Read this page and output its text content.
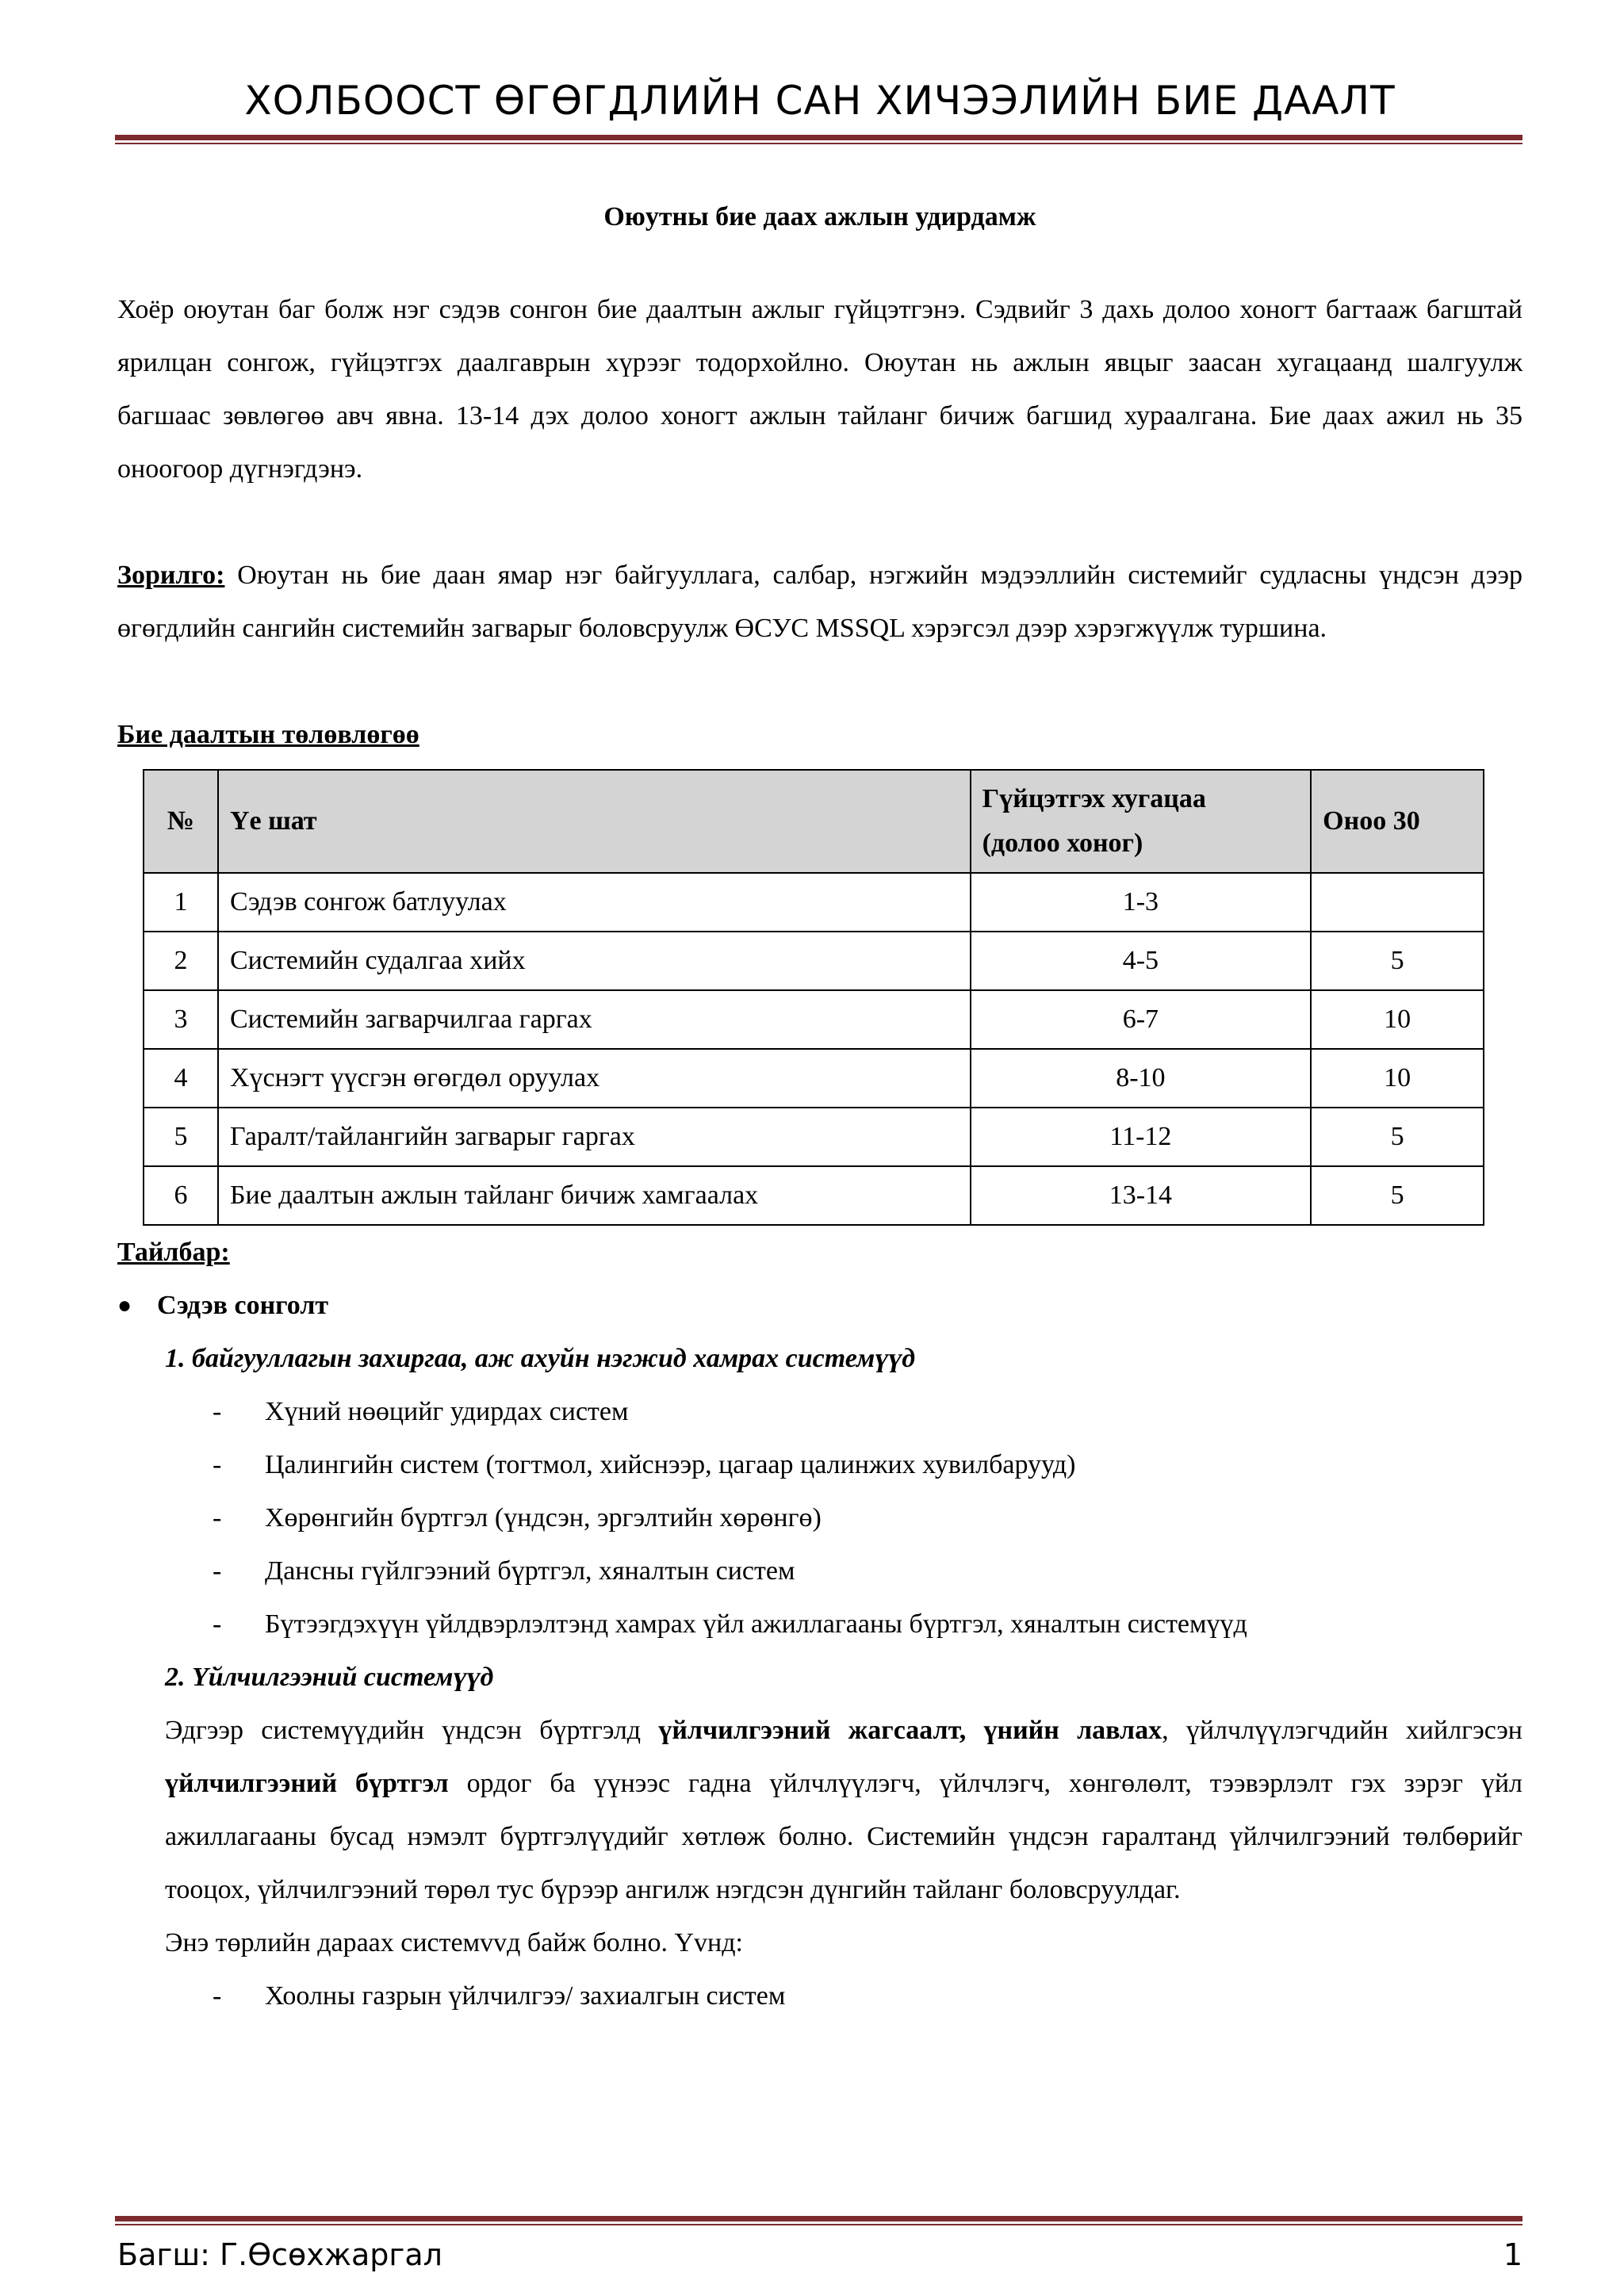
ХОЛБООСТ ӨГӨГДЛИЙН САН ХИЧЭЭЛИЙН БИЕ ДААЛТ

Оюутны бие даах ажлын удирдамж

Хоёр оюутан баг болж нэг сэдэв сонгон бие даалтын ажлыг гүйцэтгэнэ. Сэдвийг 3 дахь долоо хоногт багтааж багштай ярилцан сонгож, гүйцэтгэх даалгаврын хүрээг тодорхойлно. Оюутан нь ажлын явцыг заасан хугацаанд шалгуулж багшаас зөвлөгөө авч явна. 13-14 дэх долоо хоногт ажлын тайланг бичиж багшид хураалгана. Бие даах ажил нь 35 оноогоор дүгнэгдэнэ.

Зорилго: Оюутан нь бие даан ямар нэг байгууллага, салбар, нэгжийн мэдээллийн системийг судласны үндсэн дээр өгөгдлийн сангийн системийн загварыг боловсруулж ӨСУС MSSQL хэрэгсэл дээр хэрэгжүүлж туршина.

Бие даалтын төлөвлөгөө

№	Үе шат	Гүйцэтгэх хугацаа
(долоо хоног)	Оноо 30
1	Сэдэв сонгож батлуулах	1-3	
2	Системийн судалгаа хийх	4-5	5
3	Системийн загварчилгаа гаргах	6-7	10
4	Хүснэгт үүсгэн өгөгдөл оруулах	8-10	10
5	Гаралт/тайлангийн загварыг гаргах	11-12	5
6	Бие даалтын ажлын тайланг бичиж хамгаалах	13-14	5

Тайлбар:

● Сэдэв сонголт

1. байгууллагын захиргаа, аж ахуйн нэгжид хамрах системүүд

-	Хүний нөөцийг удирдах систем
-	Цалингийн систем (тогтмол, хийснээр, цагаар цалинжих хувилбарууд)
-	Хөрөнгийн бүртгэл (үндсэн, эргэлтийн хөрөнгө)
-	Дансны гүйлгээний бүртгэл, хяналтын систем
-	Бүтээгдэхүүн үйлдвэрлэлтэнд хамрах үйл ажиллагааны бүртгэл, хяналтын системүүд

2. Үйлчилгээний системүүд

Эдгээр системүүдийн үндсэн бүртгэлд үйлчилгээний жагсаалт, үнийн лавлах, үйлчлүүлэгчдийн хийлгэсэн үйлчилгээний бүртгэл ордог ба үүнээс гадна үйлчлүүлэгч, үйлчлэгч, хөнгөлөлт, тээвэрлэлт гэх зэрэг үйл ажиллагааны бусад нэмэлт бүртгэлүүдийг хөтлөж болно. Системийн үндсэн гаралтанд үйлчилгээний төлбөрийг тооцох, үйлчилгээний төрөл тус бүрээр ангилж нэгдсэн дүнгийн тайланг боловсруулдаг.

Энэ төрлийн дараах системvvд байж болно. Үvнд:

-	Хоолны газрын үйлчилгээ/ захиалгын систем
Багш: Г.Өсөхжаргал	1
